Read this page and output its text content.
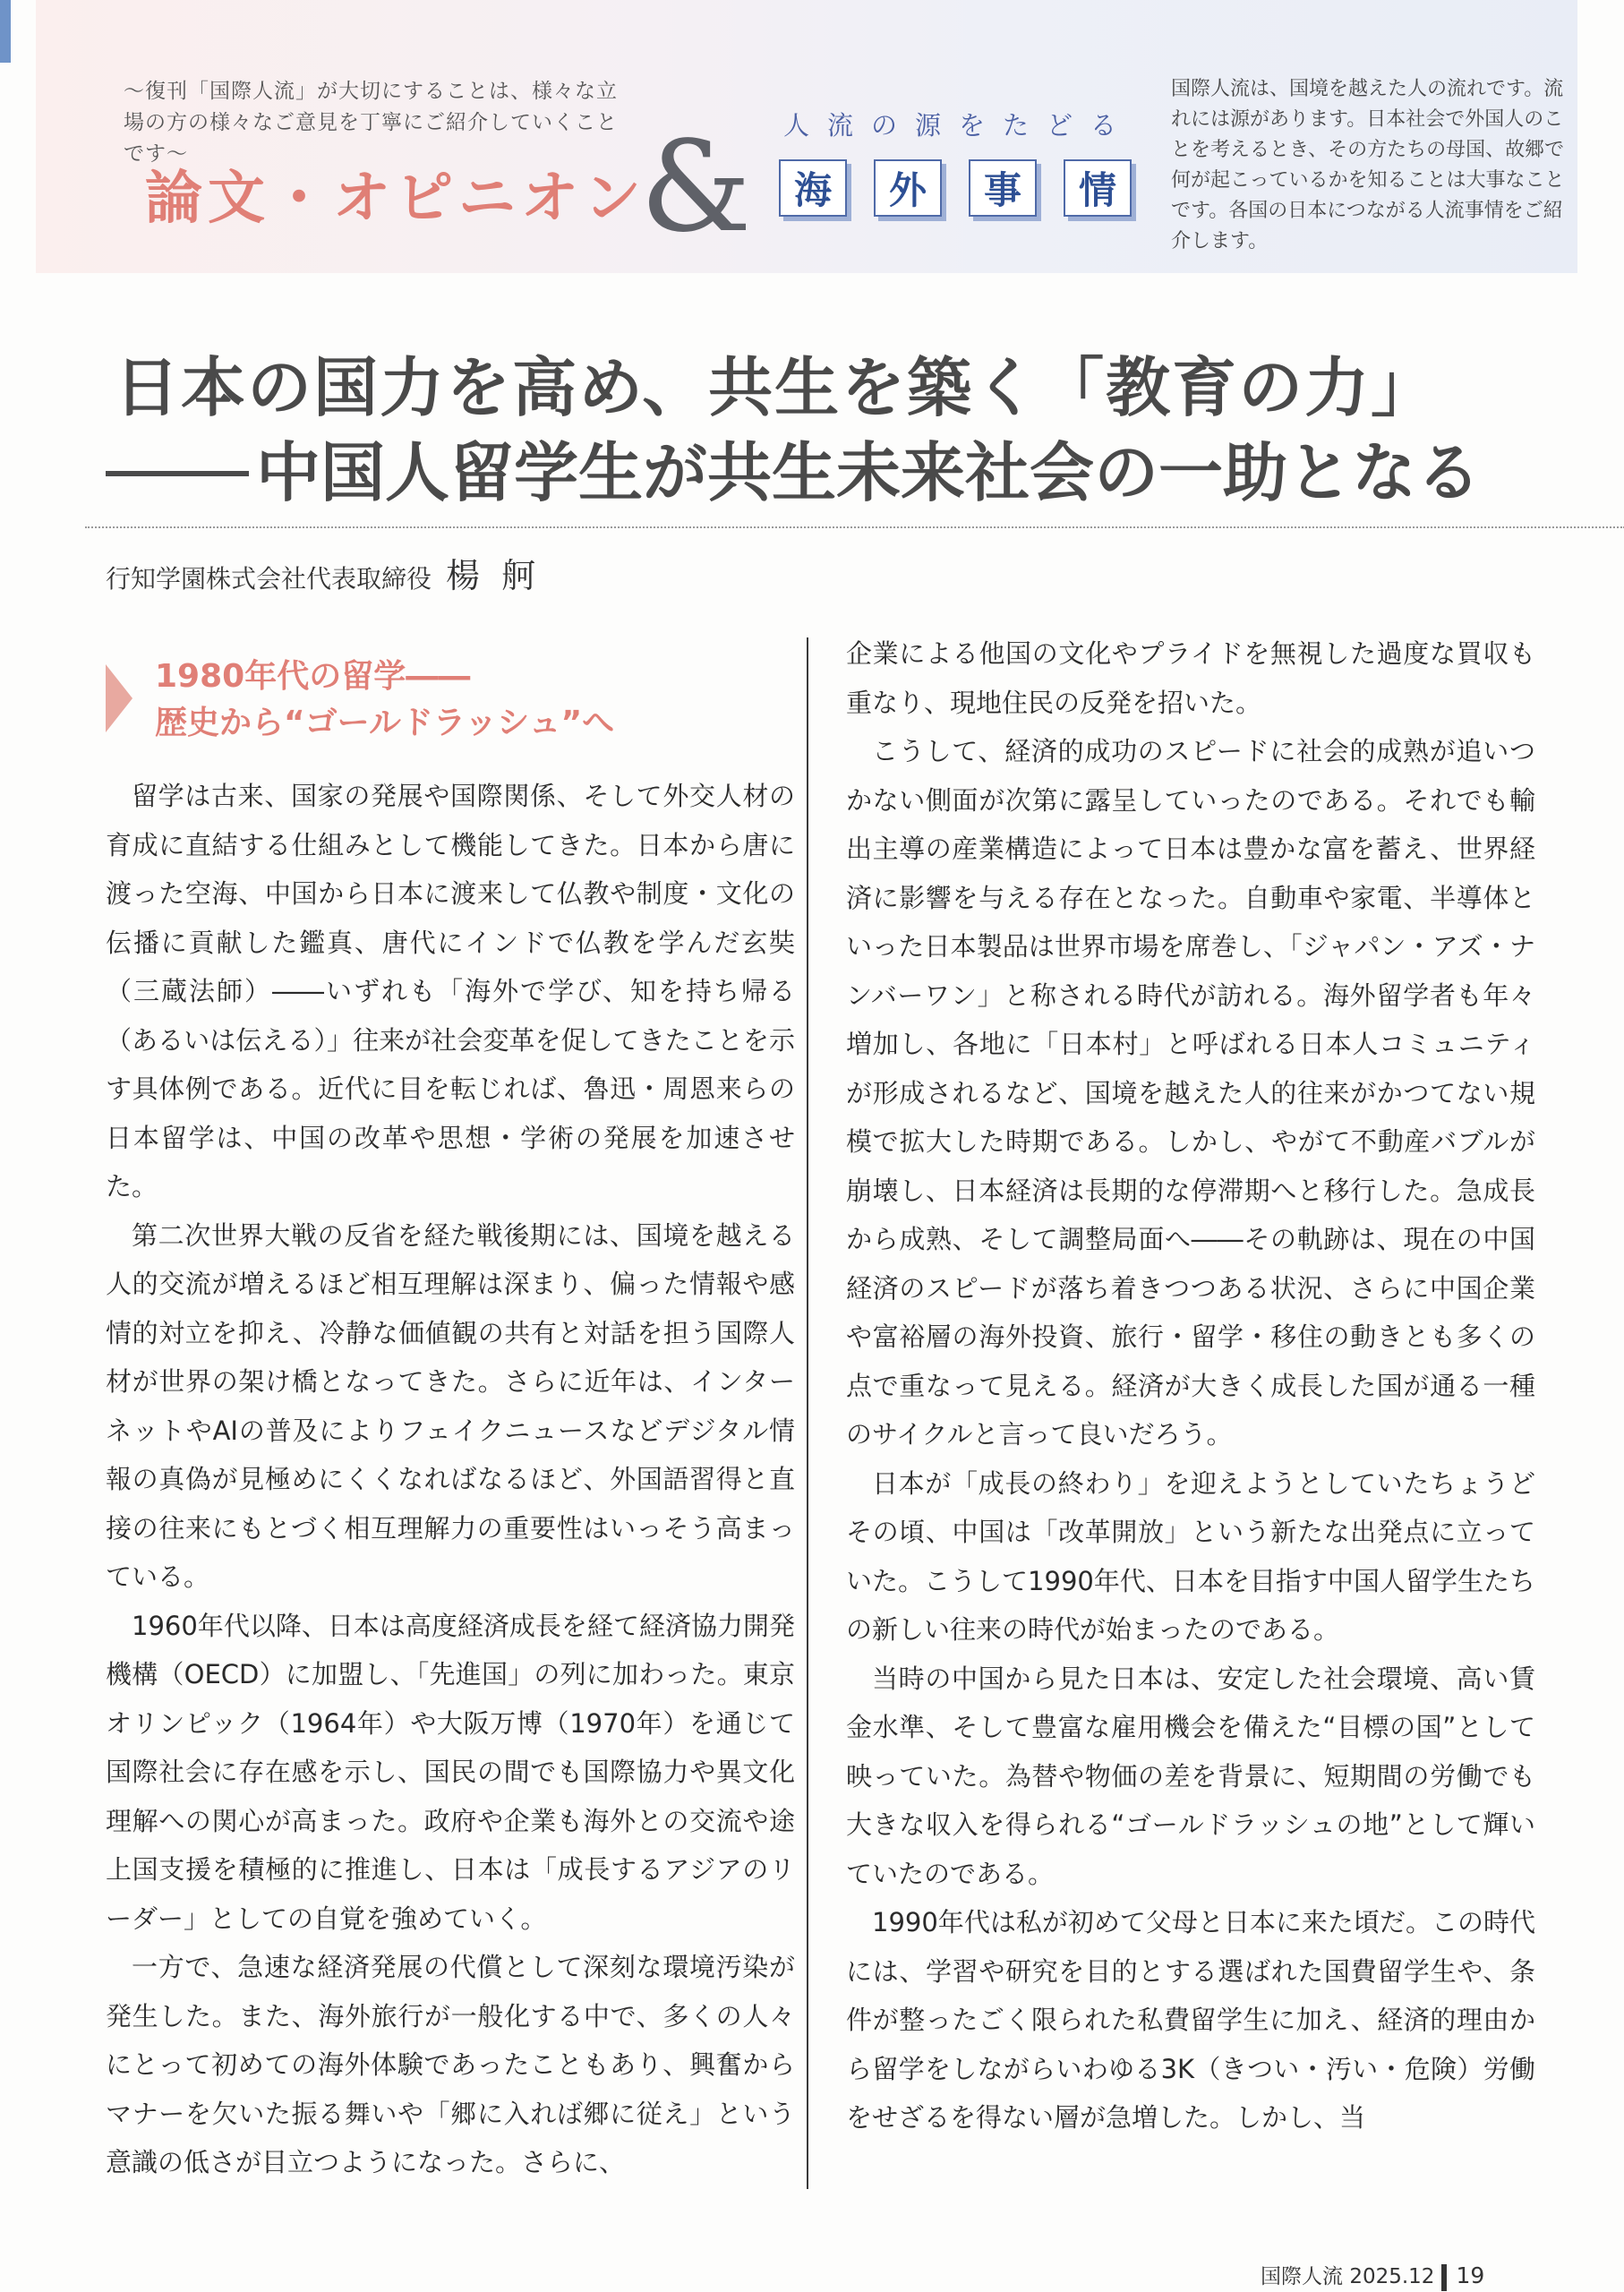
～復刊「国際人流」が大切にすることは、様々な立場の方の様々なご意見を丁寧にご紹介していくことです～
論文・オピニオン
& 人流の源をたどる
海	外	事	情
国際人流は、国境を越えた人の流れです。流れには源があります。日本社会で外国人のことを考えるとき、その方たちの母国、故郷で何が起こっているかを知ることは大事なことです。各国の日本につながる人流事情をご紹介します。
日本の国力を高め、共生を築く「教育の力」
中国人留学生が共生未来社会の一助となる
行知学園株式会社代表取締役 楊 舸
1980年代の留学――
歴史から“ゴールドラッシュ”へ

留学は古来、国家の発展や国際関係、そして外交人材の育成に直結する仕組みとして機能してきた。日本から唐に渡った空海、中国から日本に渡来して仏教や制度・文化の伝播に貢献した鑑真、唐代にインドで仏教を学んだ玄奘（三蔵法師）――いずれも「海外で学び、知を持ち帰る（あるいは伝える）」往来が社会変革を促してきたことを示す具体例である。近代に目を転じれば、魯迅・周恩来らの日本留学は、中国の改革や思想・学術の発展を加速させた。

第二次世界大戦の反省を経た戦後期には、国境を越える人的交流が増えるほど相互理解は深まり、偏った情報や感情的対立を抑え、冷静な価値観の共有と対話を担う国際人材が世界の架け橋となってきた。さらに近年は、インターネットやAIの普及によりフェイクニュースなどデジタル情報の真偽が見極めにくくなればなるほど、外国語習得と直接の往来にもとづく相互理解力の重要性はいっそう高まっている。

1960年代以降、日本は高度経済成長を経て経済協力開発機構（OECD）に加盟し、「先進国」の列に加わった。東京オリンピック（1964年）や大阪万博（1970年）を通じて国際社会に存在感を示し、国民の間でも国際協力や異文化理解への関心が高まった。政府や企業も海外との交流や途上国支援を積極的に推進し、日本は「成長するアジアのリーダー」としての自覚を強めていく。

一方で、急速な経済発展の代償として深刻な環境汚染が発生した。また、海外旅行が一般化する中で、多くの人々にとって初めての海外体験であったこともあり、興奮からマナーを欠いた振る舞いや「郷に入れば郷に従え」という意識の低さが目立つようになった。さらに、

企業による他国の文化やプライドを無視した過度な買収も重なり、現地住民の反発を招いた。

こうして、経済的成功のスピードに社会的成熟が追いつかない側面が次第に露呈していったのである。それでも輸出主導の産業構造によって日本は豊かな富を蓄え、世界経済に影響を与える存在となった。自動車や家電、半導体といった日本製品は世界市場を席巻し、「ジャパン・アズ・ナンバーワン」と称される時代が訪れる。海外留学者も年々増加し、各地に「日本村」と呼ばれる日本人コミュニティが形成されるなど、国境を越えた人的往来がかつてない規模で拡大した時期である。しかし、やがて不動産バブルが崩壊し、日本経済は長期的な停滞期へと移行した。急成長から成熟、そして調整局面へ――その軌跡は、現在の中国経済のスピードが落ち着きつつある状況、さらに中国企業や富裕層の海外投資、旅行・留学・移住の動きとも多くの点で重なって見える。経済が大きく成長した国が通る一種のサイクルと言って良いだろう。

日本が「成長の終わり」を迎えようとしていたちょうどその頃、中国は「改革開放」という新たな出発点に立っていた。こうして1990年代、日本を目指す中国人留学生たちの新しい往来の時代が始まったのである。

当時の中国から見た日本は、安定した社会環境、高い賃金水準、そして豊富な雇用機会を備えた“目標の国”として映っていた。為替や物価の差を背景に、短期間の労働でも大きな収入を得られる“ゴールドラッシュの地”として輝いていたのである。

1990年代は私が初めて父母と日本に来た頃だ。この時代には、学習や研究を目的とする選ばれた国費留学生や、条件が整ったごく限られた私費留学生に加え、経済的理由から留学をしながらいわゆる3K（きつい・汚い・危険）労働をせざるを得ない層が急増した。しかし、当

国際人流 2025.12 19
